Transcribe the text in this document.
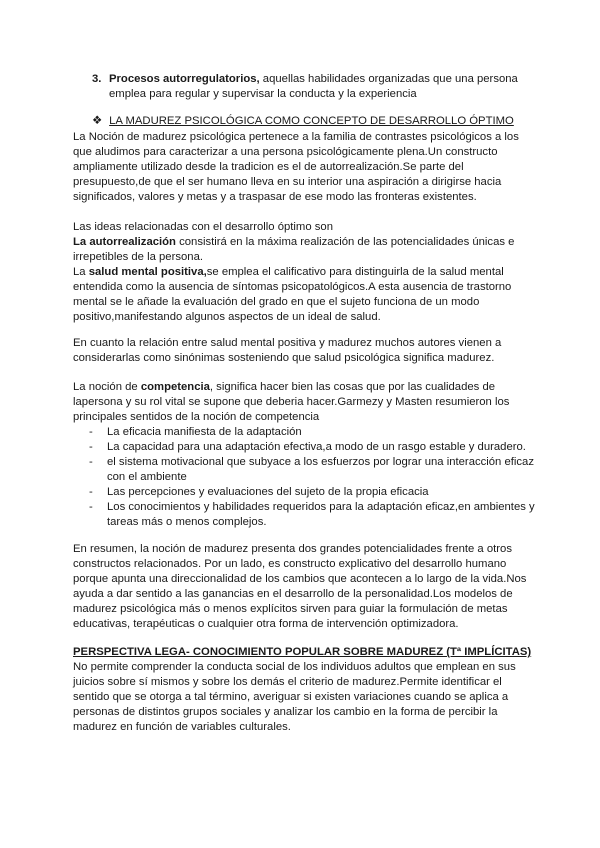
3. Procesos autorregulatorios, aquellas habilidades organizadas que una persona emplea para regular y supervisar la conducta y la experiencia

❖ LA MADUREZ PSICOLÓGICA COMO CONCEPTO DE DESARROLLO ÓPTIMO

La Noción de madurez psicológica pertenece a la familia de contrastes psicológicos a los que aludimos para caracterizar a una persona psicológicamente plena.Un constructo ampliamente utilizado desde la tradicion es el de autorrealización.Se parte del presupuesto,de que el ser humano lleva en su interior una aspiración a dirigirse hacia significados, valores y metas y a traspasar de ese modo las fronteras existentes.

Las ideas relacionadas con el desarrollo óptimo son

La autorrealización consistirá en la máxima realización de las potencialidades únicas e irrepetibles de la persona.

La salud mental positiva,se emplea el calificativo para distinguirla de la salud mental entendida como la ausencia de síntomas psicopatológicos.A esta ausencia de trastorno mental se le añade la evaluación del grado en que el sujeto funciona de un modo positivo,manifestando algunos aspectos de un ideal de salud.

En cuanto la relación entre salud mental positiva y madurez muchos autores vienen a considerarlas como sinónimas sosteniendo que salud psicológica significa madurez.

La noción de competencia, significa hacer bien las cosas que por las cualidades de lapersona y su rol vital se supone que deberia hacer.Garmezy y Masten resumieron los principales sentidos de la noción de competencia

- La eficacia manifiesta de la adaptación
- La capacidad para una adaptación efectiva,a modo de un rasgo estable y duradero.
- el sistema motivacional que subyace a los esfuerzos por lograr una interacción eficaz con el ambiente
- Las percepciones y evaluaciones del sujeto de la propia eficacia
- Los conocimientos y habilidades requeridos para la adaptación eficaz,en ambientes y tareas más o menos complejos.

En resumen, la noción de madurez presenta dos grandes potencialidades frente a otros constructos relacionados. Por un lado, es constructo explicativo del desarrollo humano porque apunta una direccionalidad de los cambios que acontecen a lo largo de la vida.Nos ayuda a dar sentido a las ganancias en el desarrollo de la personalidad.Los modelos de madurez psicológica más o menos explícitos sirven para guiar la formulación de metas educativas, terapéuticas o cualquier otra forma de intervención optimizadora.

PERSPECTIVA LEGA- CONOCIMIENTO POPULAR SOBRE MADUREZ (Tª IMPLÍCITAS)

No permite comprender la conducta social de los individuos adultos que emplean en sus juicios sobre sí mismos y sobre los demás el criterio de madurez.Permite identificar el sentido que se otorga a tal término, averiguar si existen variaciones cuando se aplica a personas de distintos grupos sociales y analizar los cambio en la forma de percibir la madurez en función de variables culturales.
